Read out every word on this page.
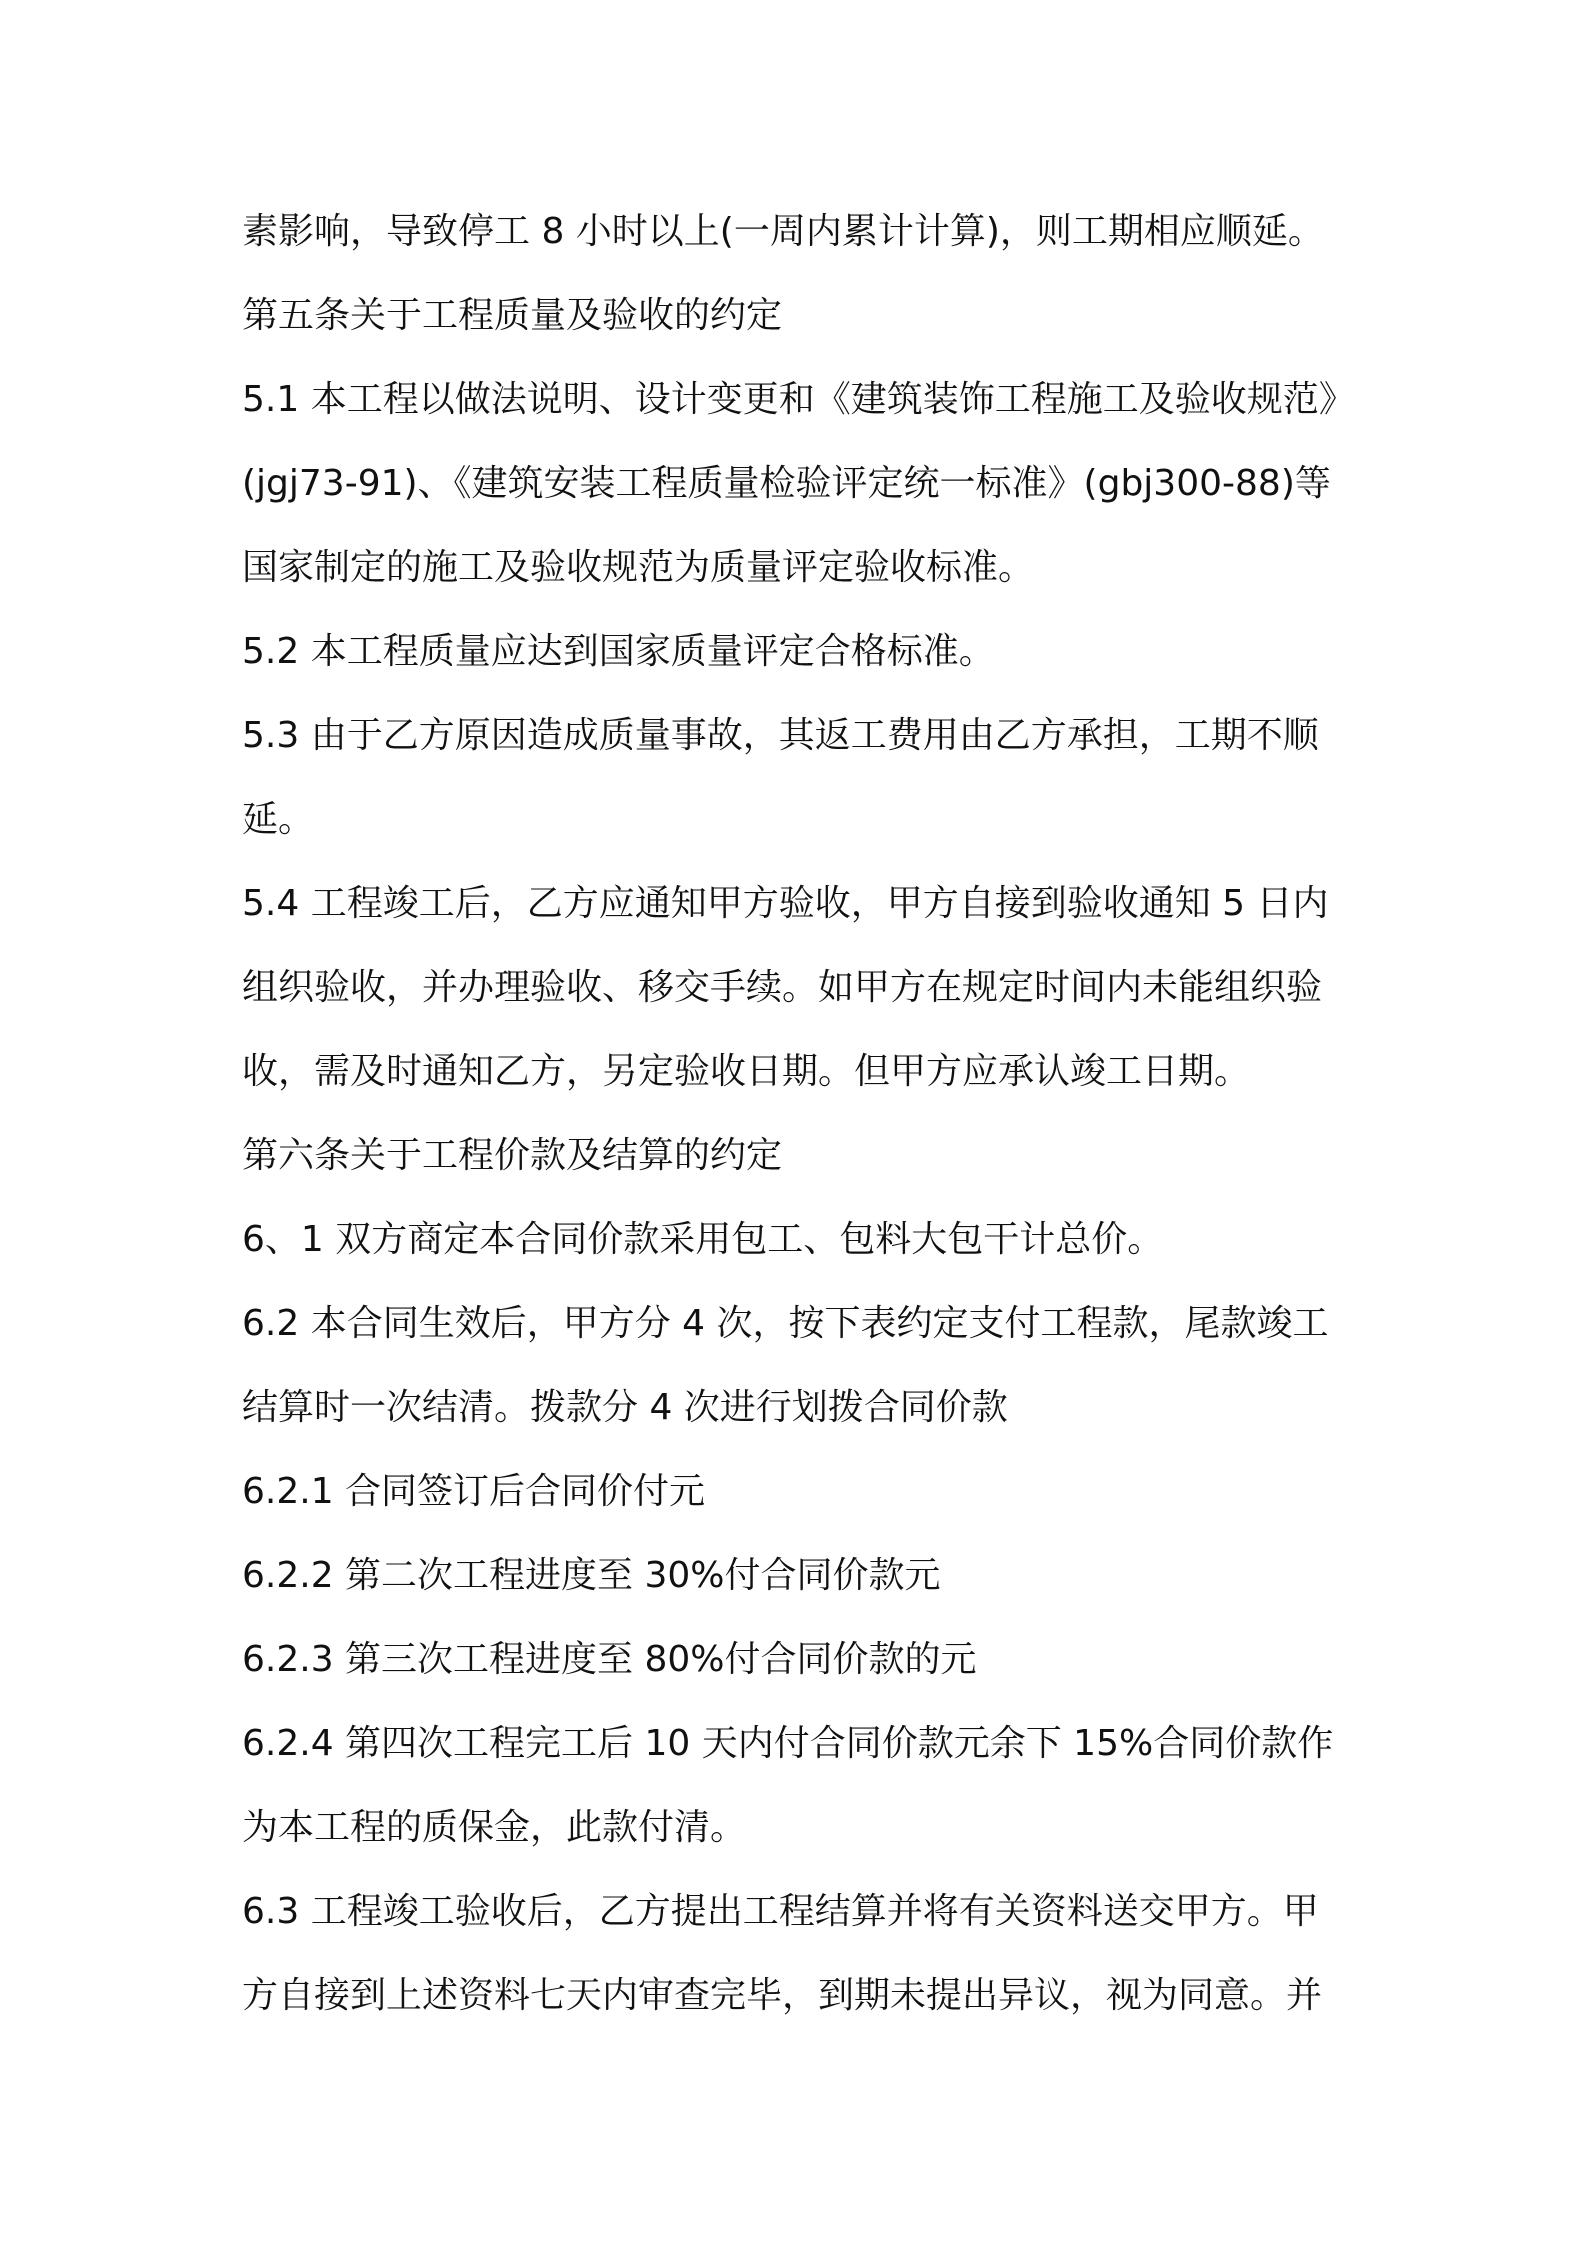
素影响，导致停工 8 小时以上(一周内累计计算)，则工期相应顺延。

第五条关于工程质量及验收的约定

5.1 本工程以做法说明、设计变更和《建筑装饰工程施工及验收规范》

(jgj73-91)、《建筑安装工程质量检验评定统一标准》(gbj300-88)等

国家制定的施工及验收规范为质量评定验收标准。

5.2 本工程质量应达到国家质量评定合格标准。

5.3 由于乙方原因造成质量事故，其返工费用由乙方承担，工期不顺

延。

5.4 工程竣工后，乙方应通知甲方验收，甲方自接到验收通知 5 日内

组织验收，并办理验收、移交手续。如甲方在规定时间内未能组织验

收，需及时通知乙方，另定验收日期。但甲方应承认竣工日期。

第六条关于工程价款及结算的约定

6、1 双方商定本合同价款采用包工、包料大包干计总价。

6.2 本合同生效后，甲方分 4 次，按下表约定支付工程款，尾款竣工

结算时一次结清。拨款分 4 次进行划拨合同价款

6.2.1 合同签订后合同价付元

6.2.2 第二次工程进度至 30%付合同价款元

6.2.3 第三次工程进度至 80%付合同价款的元

6.2.4 第四次工程完工后 10 天内付合同价款元余下 15%合同价款作

为本工程的质保金，此款付清。

6.3 工程竣工验收后，乙方提出工程结算并将有关资料送交甲方。甲

方自接到上述资料七天内审查完毕，到期未提出异议，视为同意。并
